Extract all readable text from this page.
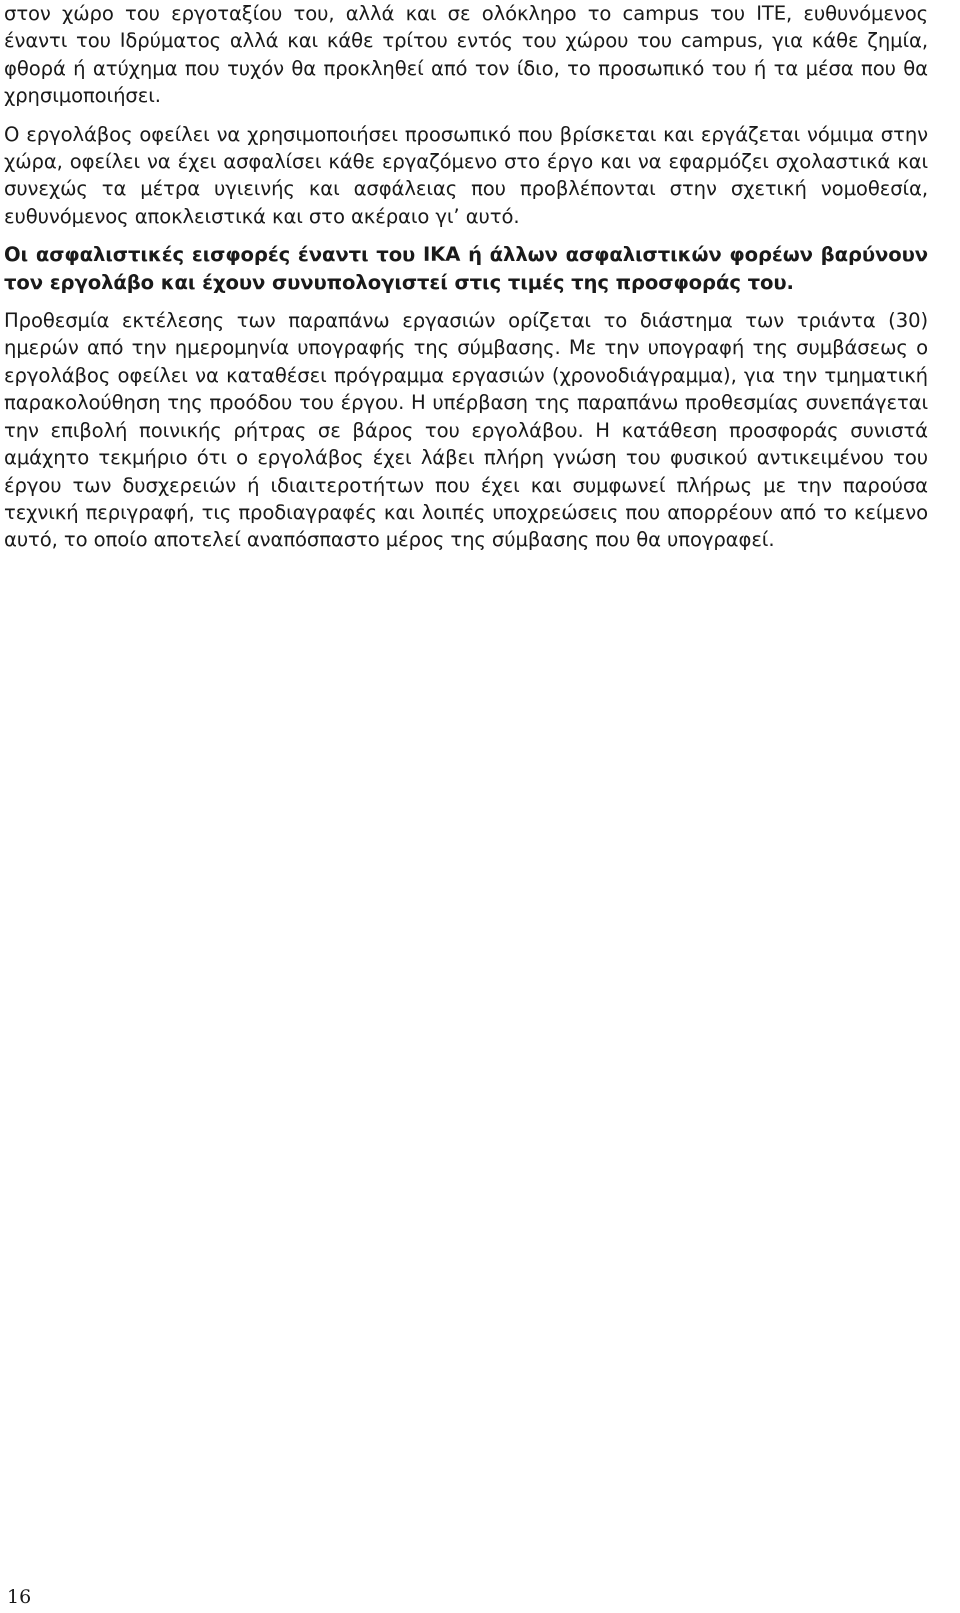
στον χώρο του εργοταξίου του, αλλά και σε ολόκληρο το campus του ΙΤΕ, ευθυνόμενος έναντι του Ιδρύματος αλλά και κάθε τρίτου εντός του χώρου του campus, για κάθε ζημία, φθορά ή ατύχημα που τυχόν θα προκληθεί από τον ίδιο, το προσωπικό του ή τα μέσα που θα χρησιμοποιήσει.

Ο εργολάβος οφείλει να χρησιμοποιήσει προσωπικό που βρίσκεται και εργάζεται νόμιμα στην χώρα, οφείλει να έχει ασφαλίσει κάθε εργαζόμενο στο έργο και να εφαρμόζει σχολαστικά και συνεχώς τα μέτρα υγιεινής και ασφάλειας που προβλέπονται στην σχετική νομοθεσία, ευθυνόμενος αποκλειστικά και στο ακέραιο γι’ αυτό.

Οι ασφαλιστικές εισφορές έναντι του ΙΚΑ ή άλλων ασφαλιστικών φορέων βαρύνουν τον εργολάβο και έχουν συνυπολογιστεί στις τιμές της προσφοράς του.

Προθεσμία εκτέλεσης των παραπάνω εργασιών ορίζεται το διάστημα των τριάντα (30) ημερών από την ημερομηνία υπογραφής της σύμβασης. Με την υπογραφή της συμβάσεως ο εργολάβος οφείλει να καταθέσει πρόγραμμα εργασιών (χρονοδιάγραμμα), για την τμηματική παρακολούθηση της προόδου του έργου. Η υπέρβαση της παραπάνω προθεσμίας συνεπάγεται την επιβολή ποινικής ρήτρας σε βάρος του εργολάβου. Η κατάθεση προσφοράς συνιστά αμάχητο τεκμήριο ότι ο εργολάβος έχει λάβει πλήρη γνώση του φυσικού αντικειμένου του έργου των δυσχερειών ή ιδιαιτεροτήτων που έχει και συμφωνεί πλήρως με την παρούσα τεχνική περιγραφή, τις προδιαγραφές και λοιπές υποχρεώσεις που απορρέουν από το κείμενο αυτό, το οποίο αποτελεί αναπόσπαστο μέρος της σύμβασης που θα υπογραφεί.

16
